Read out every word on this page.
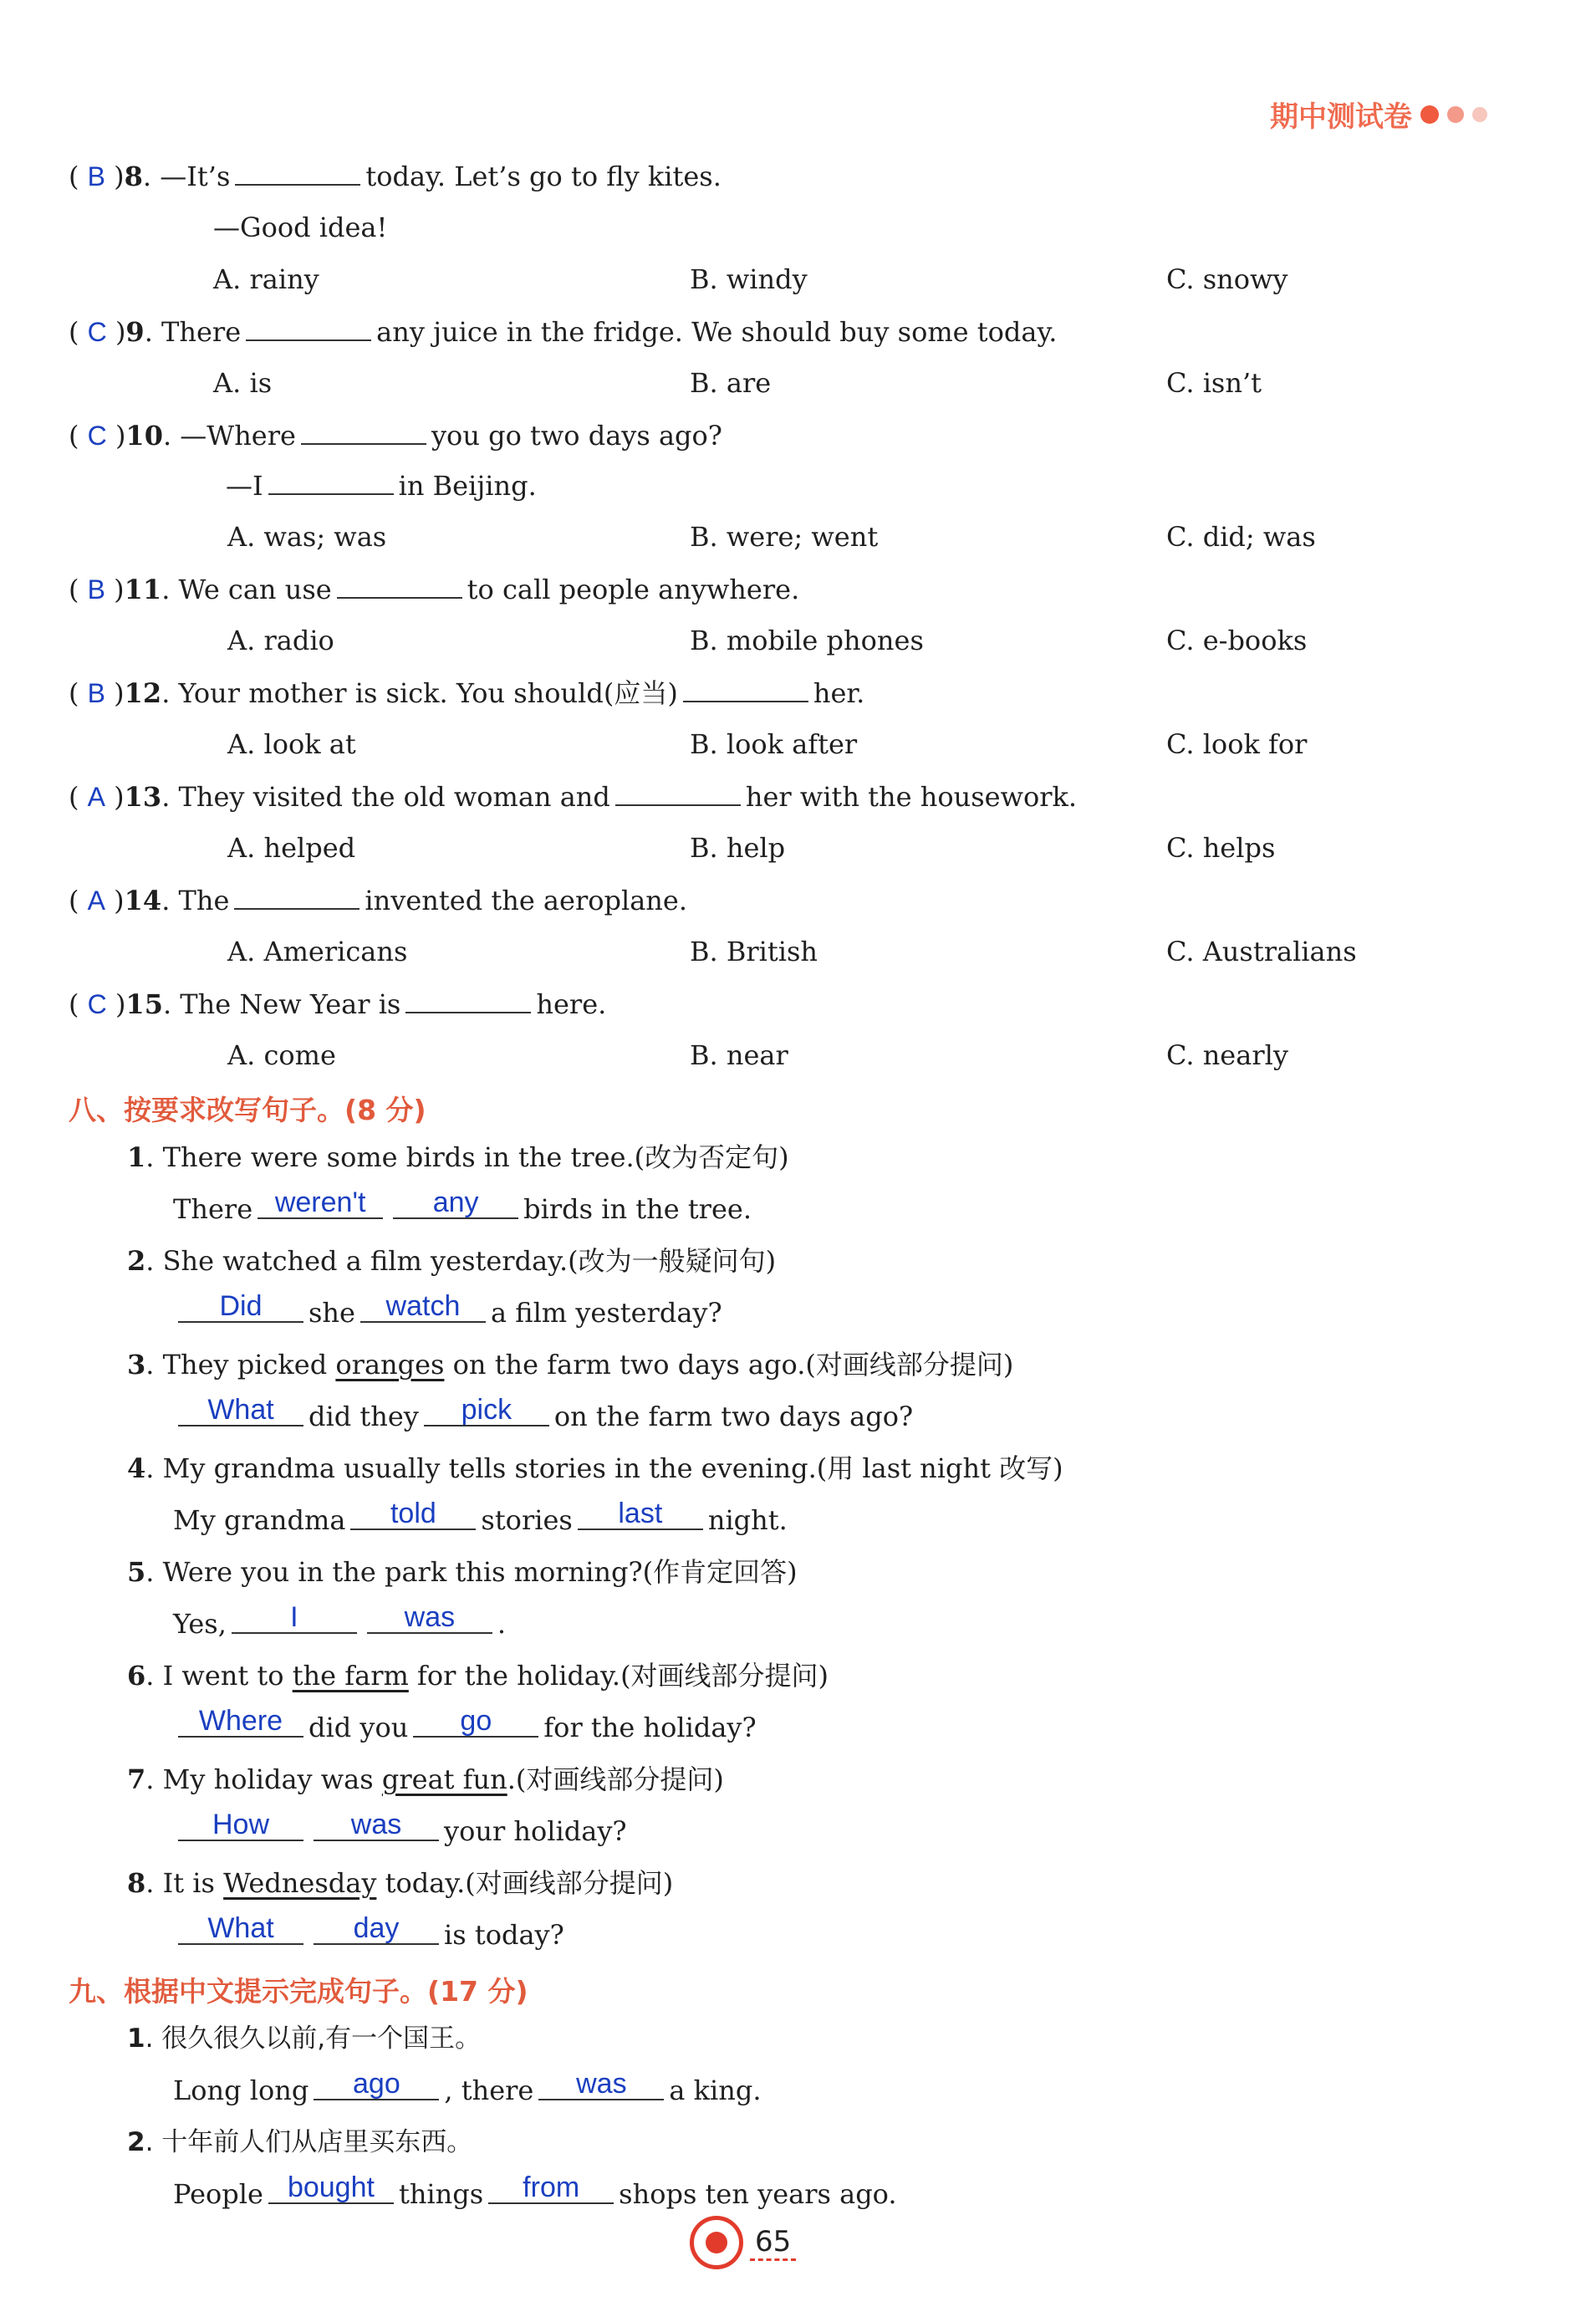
期中测试卷
( B )8. —It’s	today. Let’s go to fly kites.
—Good idea!
A. rainy	B. windy	C. snowy
( C )9. There	any juice in the fridge. We should buy some today.
A. is	B. are	C. isn’t
( C )10. —Where	you go two days ago?
—I	in Beijing.
A. was; was	B. were; went	C. did; was
( B )11. We can use	to call people anywhere.
A. radio	B. mobile phones	C. e-books
( B )12. Your mother is sick. You should(应当)	her.
A. look at	B. look after	C. look for
( A )13. They visited the old woman and	her with the housework.
A. helped	B. help	C. helps
( A )14. The	invented the aeroplane.
A. Americans	B. British	C. Australians
( C )15. The New Year is	here.
A. come	B. near	C. nearly
八、按要求改写句子。(8 分)
1. There were some birds in the tree.(改为否定句)
There weren't any birds in the tree.
2. She watched a film yesterday.(改为一般疑问句)
Did she watch a film yesterday?
3. They picked oranges on the farm two days ago.(对画线部分提问)
What did they pick on the farm two days ago?
4. My grandma usually tells stories in the evening.(用 last night 改写)
My grandma told stories last night.
5. Were you in the park this morning?(作肯定回答)
Yes, I	was .
6. I went to the farm for the holiday.(对画线部分提问)
Where did you go for the holiday?
7. My holiday was great fun.(对画线部分提问)
How	was your holiday?
8. It is Wednesday today.(对画线部分提问)
What	day is today?
九、根据中文提示完成句子。(17 分)
1. 很久很久以前,有一个国王。
Long long ago , there was a king.
2. 十年前人们从店里买东西。
People bought things from shops ten years ago.
65
